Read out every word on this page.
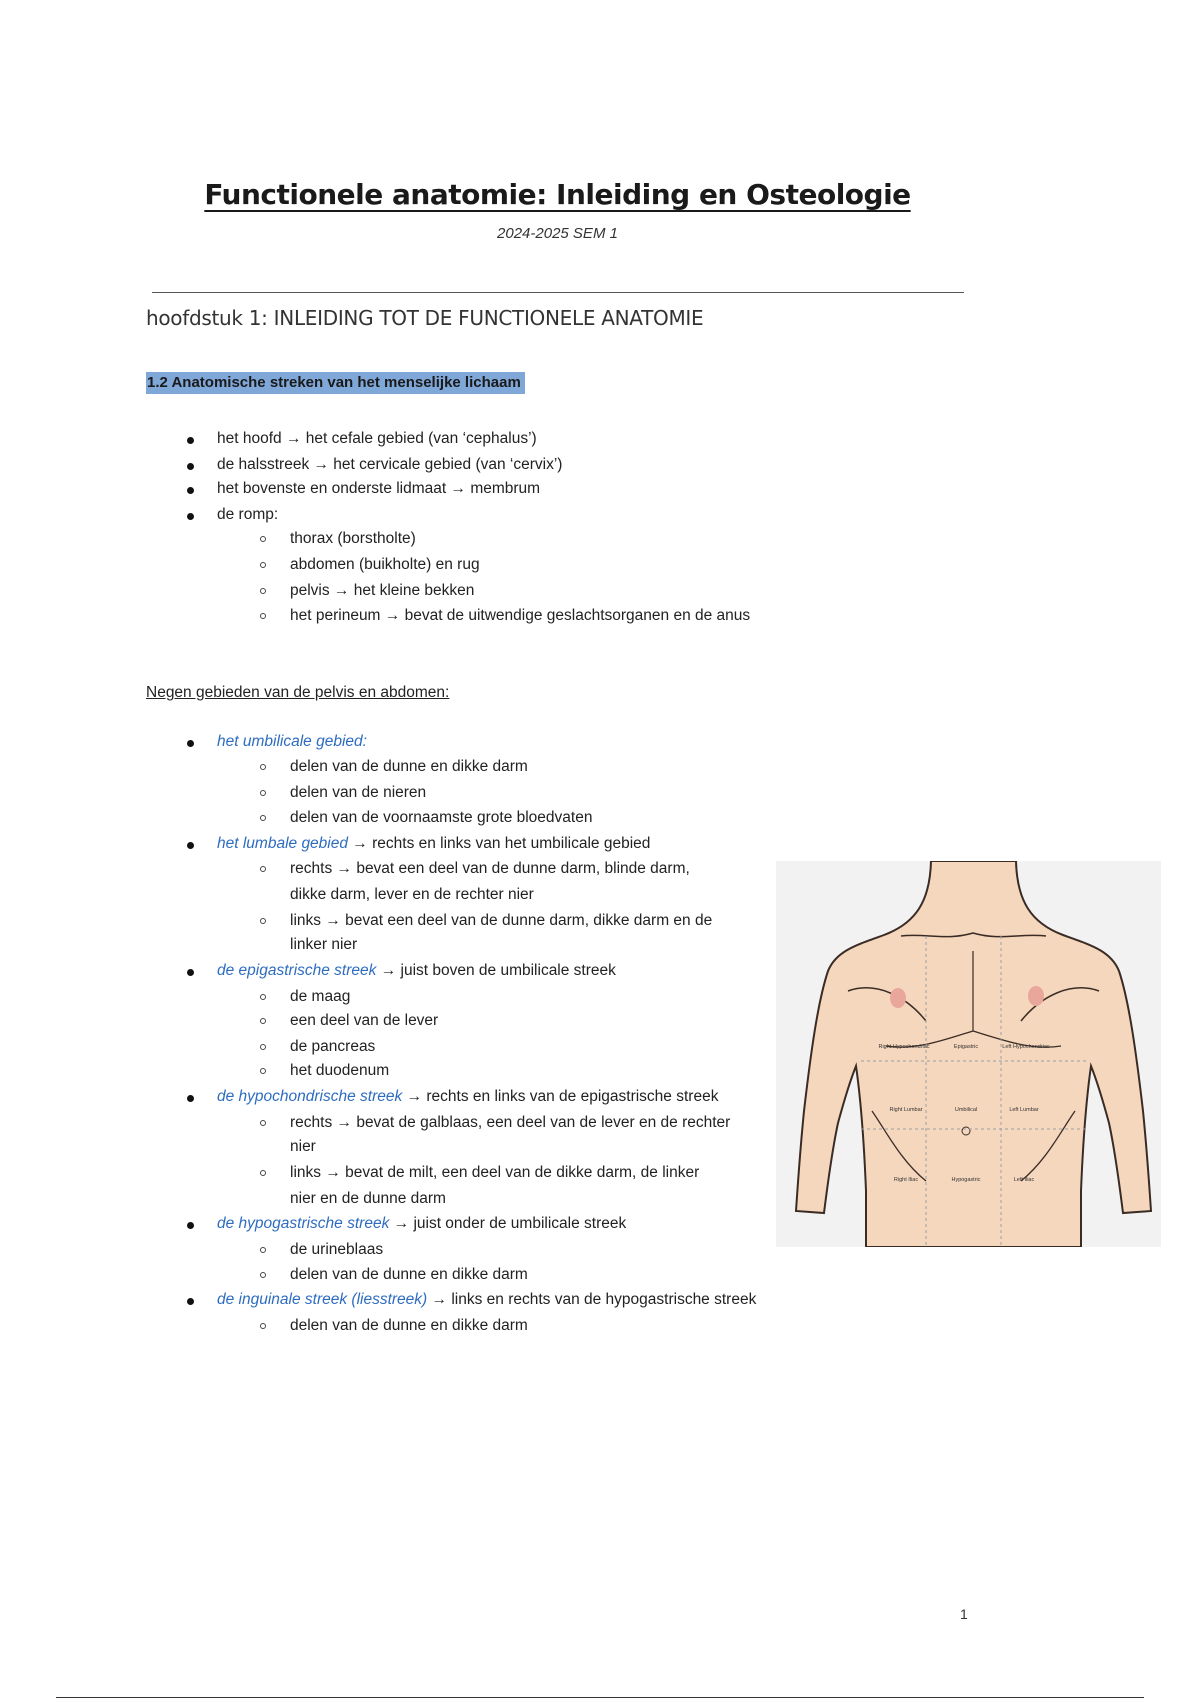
Functionele anatomie: Inleiding en Osteologie
2024-2025 SEM 1
hoofdstuk 1: INLEIDING TOT DE FUNCTIONELE ANATOMIE
1.2 Anatomische streken van het menselijke lichaam
het hoofd → het cefale gebied (van ‘cephalus’)
de halsstreek → het cervicale gebied (van ‘cervix’)
het bovenste en onderste lidmaat → membrum
de romp:
thorax (borstholte)
abdomen (buikholte) en rug
pelvis → het kleine bekken
het perineum → bevat de uitwendige geslachtsorganen en de anus
Negen gebieden van de pelvis en abdomen:
het umbilicale gebied:
delen van de dunne en dikke darm
delen van de nieren
delen van de voornaamste grote bloedvaten
het lumbale gebied → rechts en links van het umbilicale gebied
rechts → bevat een deel van de dunne darm, blinde darm,
dikke darm, lever en de rechter nier
links → bevat een deel van de dunne darm, dikke darm en de
linker nier
de epigastrische streek → juist boven de umbilicale streek
de maag
een deel van de lever
de pancreas
het duodenum
de hypochondrische streek → rechts en links van de epigastrische streek
rechts → bevat de galblaas, een deel van de lever en de rechter
nier
links → bevat de milt, een deel van de dikke darm, de linker
nier en de dunne darm
de hypogastrische streek → juist onder de umbilicale streek
de urineblaas
delen van de dunne en dikke darm
de inguinale streek (liesstreek) → links en rechts van de hypogastrische streek
delen van de dunne en dikke darm
Right Hypochondriac	Epigastric	Left Hypochondriac
Right Lumbar	Umbilical	Left Lumbar
Right Iliac	Hypogastric	Left Iliac
1
